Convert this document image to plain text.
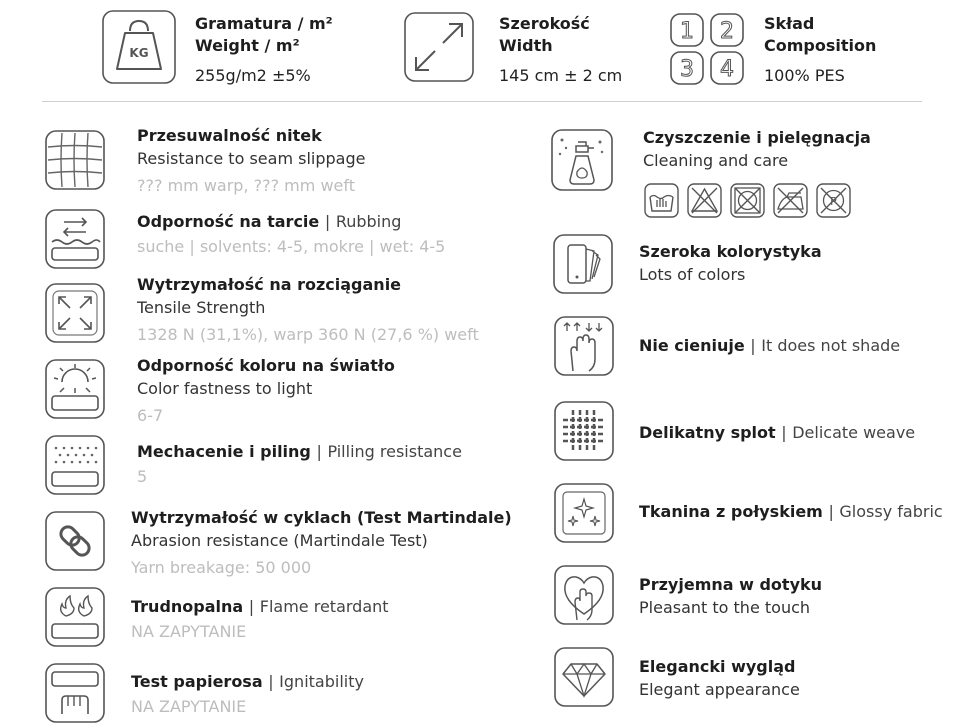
KG
Gramatura / m²
Weight / m²
255g/m2 ±5%
Szerokość
Width
145 cm ± 2 cm
1 2
3 4
Skład
Composition
100% PES
Przesuwalność nitek
Resistance to seam slippage
??? mm warp, ??? mm weft
Odporność na tarcie | Rubbing
suche | solvents: 4-5, mokre | wet: 4-5
Wytrzymałość na rozciąganie
Tensile Strength
1328 N (31,1%), warp 360 N (27,6 %) weft
Odporność koloru na światło
Color fastness to light
6-7
Mechacenie i piling | Pilling resistance
5
Wytrzymałość w cyklach (Test Martindale)
Abrasion resistance (Martindale Test)
Yarn breakage: 50 000
Trudnopalna | Flame retardant
NA ZAPYTANIE
Test papierosa | Ignitability
NA ZAPYTANIE
Czyszczenie i pielęgnacja
Cleaning and care
P
Szeroka kolorystyka
Lots of colors
Nie cieniuje | It does not shade
Delikatny splot | Delicate weave
Tkanina z połyskiem | Glossy fabric
Przyjemna w dotyku
Pleasant to the touch
Elegancki wygląd
Elegant appearance
